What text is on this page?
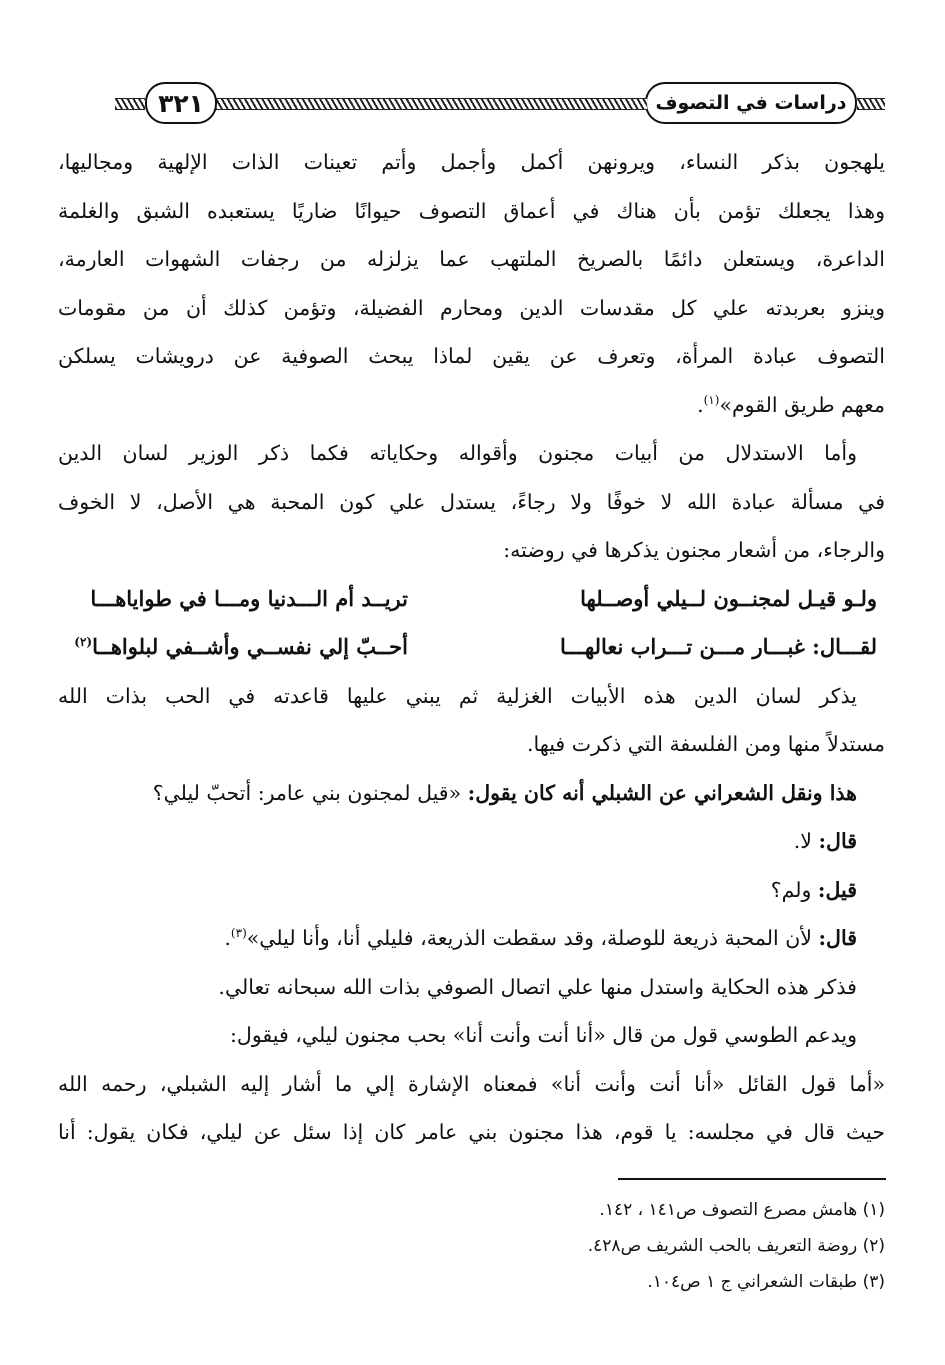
دراسات في التصوف
٣٢١
يلهجون بذكر النساء، ويرونهن أكمل وأجمل وأتم تعينات الذات الإلهية ومجاليها،
وهذا يجعلك تؤمن بأن هناك في أعماق التصوف حيوانًا ضاريًا يستعبده الشبق والغلمة
الداعرة، ويستعلن دائمًا بالصريخ الملتهب عما يزلزله من رجفات الشهوات العارمة،
وينزو بعربدته علي كل مقدسات الدين ومحارم الفضيلة، وتؤمن كذلك أن من مقومات
التصوف عبادة المرأة، وتعرف عن يقين لماذا يبحث الصوفية عن درويشات يسلكن
معهم طريق القوم»$^{(١)}$.
وأما الاستدلال من أبيات مجنون وأقواله وحكاياته فكما ذكر الوزير لسان الدين
في مسألة عبادة الله لا خوفًا ولا رجاءً، يستدل علي كون المحبة هي الأصل، لا الخوف
والرجاء، من أشعار مجنون يذكرها في روضته:
ولـو قيـل لمجنــون لــيلي أوصــلها
تريــد أم الـــدنيا ومـــا في طواياهـــا
لقـــال: غبـــار مـــن تـــراب نعالهـــا
أحــبّ إلي نفســي وأشــفي لبلواهــا$^{(٢)}$
يذكر لسان الدين هذه الأبيات الغزلية ثم يبني عليها قاعدته في الحب بذات الله
مستدلاً منها ومن الفلسفة التي ذكرت فيها.
هذا ونقل الشعراني عن الشبلي أنه كان يقول: «قيل لمجنون بني عامر: أتحبّ ليلي؟
قال: لا.
قيل: ولم؟
قال: لأن المحبة ذريعة للوصلة، وقد سقطت الذريعة، فليلي أنا، وأنا ليلي»$^{(٣)}$.
فذكر هذه الحكاية واستدل منها علي اتصال الصوفي بذات الله سبحانه تعالي.
ويدعم الطوسي قول من قال «أنا أنت وأنت أنا» بحب مجنون ليلي، فيقول:
«أما قول القائل «أنا أنت وأنت أنا» فمعناه الإشارة إلي ما أشار إليه الشبلي، رحمه الله
حيث قال في مجلسه: يا قوم، هذا مجنون بني عامر كان إذا سئل عن ليلي، فكان يقول: أنا
(١) هامش مصرع التصوف ص١٤١ ، ١٤٢.
(٢) روضة التعريف بالحب الشريف ص٤٢٨.
(٣) طبقات الشعراني ج ١ ص١٠٤.
